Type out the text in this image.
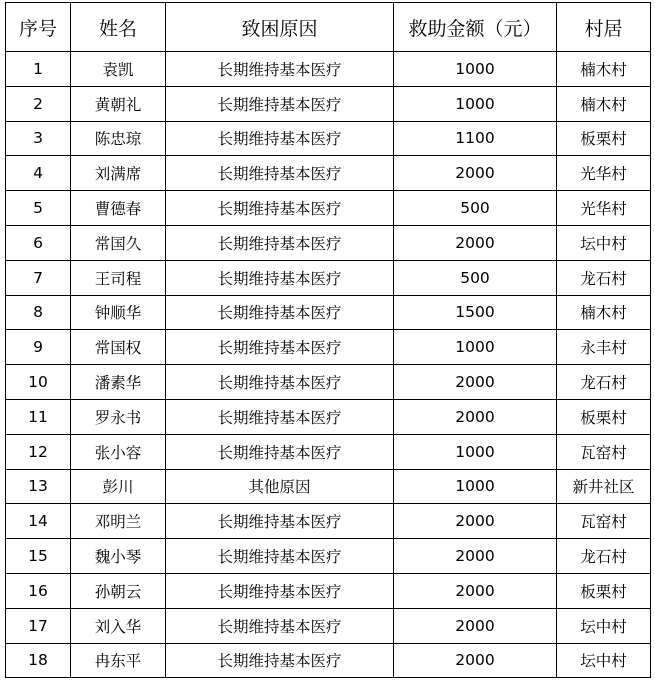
序号	姓名	致困原因	救助金额（元）	村居
1	袁凯	长期维持基本医疗	1000	楠木村
2	黄朝礼	长期维持基本医疗	1000	楠木村
3	陈忠琼	长期维持基本医疗	1100	板栗村
4	刘满席	长期维持基本医疗	2000	光华村
5	曹德春	长期维持基本医疗	500	光华村
6	常国久	长期维持基本医疗	2000	坛中村
7	王司程	长期维持基本医疗	500	龙石村
8	钟顺华	长期维持基本医疗	1500	楠木村
9	常国权	长期维持基本医疗	1000	永丰村
10	潘素华	长期维持基本医疗	2000	龙石村
11	罗永书	长期维持基本医疗	2000	板栗村
12	张小容	长期维持基本医疗	1000	瓦窑村
13	彭川	其他原因	1000	新井社区
14	邓明兰	长期维持基本医疗	2000	瓦窑村
15	魏小琴	长期维持基本医疗	2000	龙石村
16	孙朝云	长期维持基本医疗	2000	板栗村
17	刘入华	长期维持基本医疗	2000	坛中村
18	冉东平	长期维持基本医疗	2000	坛中村
